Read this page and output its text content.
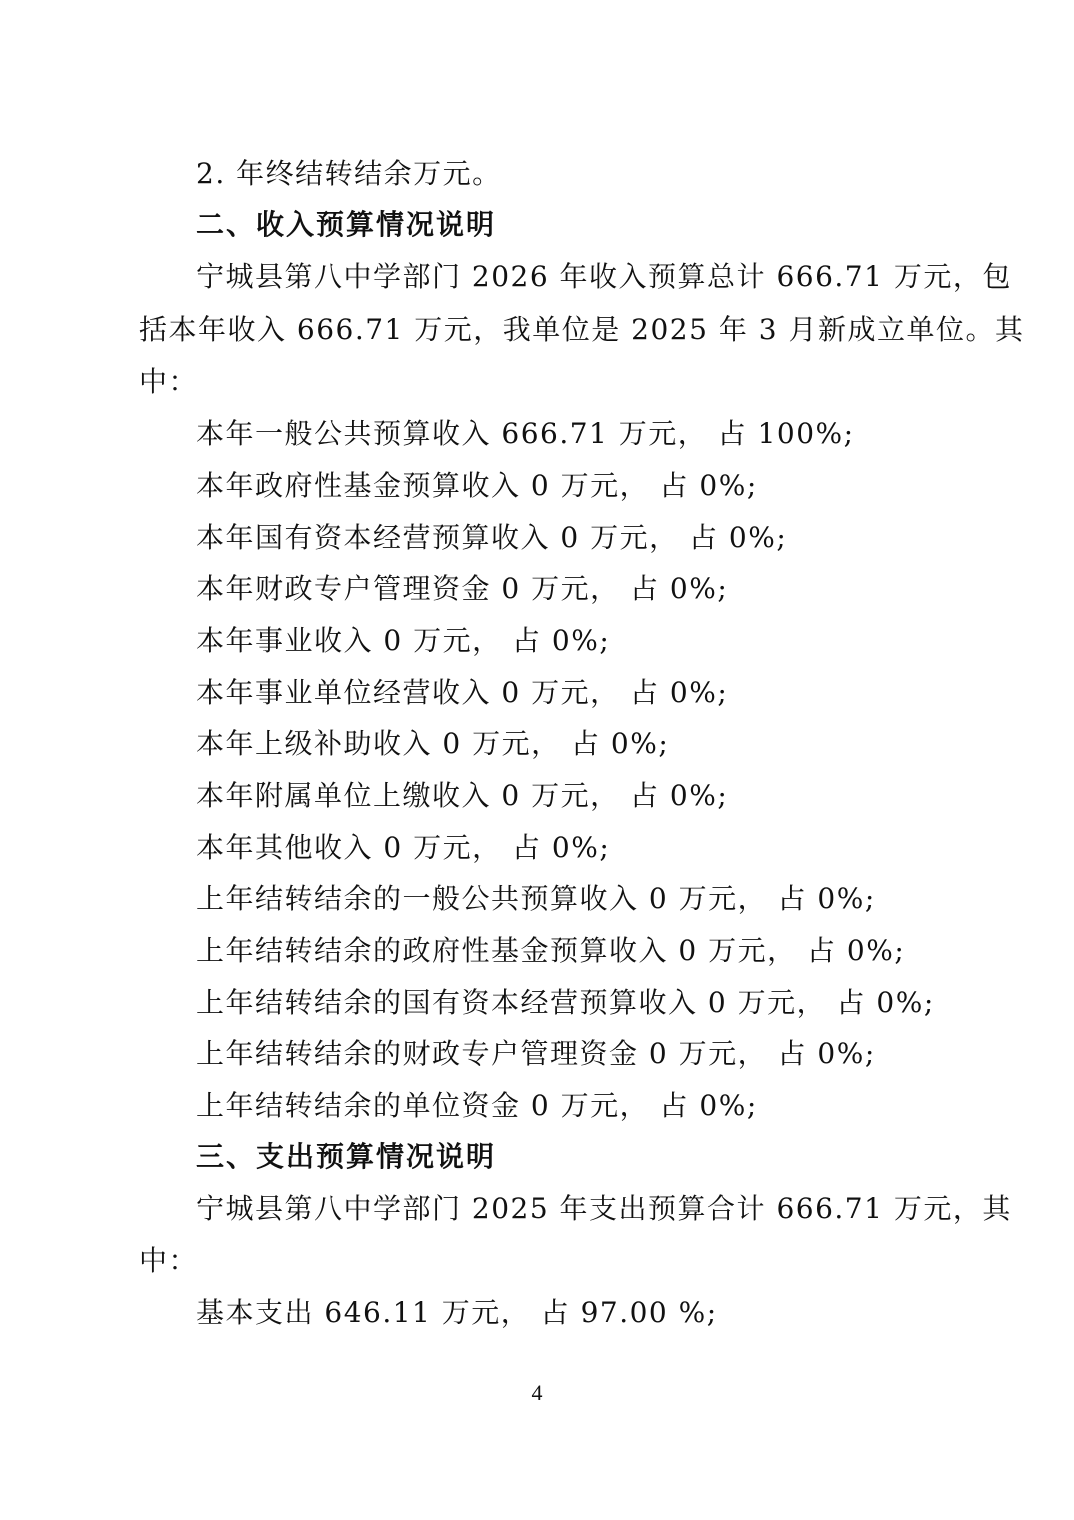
2. 年终结转结余万元。
二、收入预算情况说明
宁城县第八中学部门 2026 年收入预算总计 666.71 万元，包
括本年收入 666.71 万元，我单位是 2025 年 3 月新成立单位。其
中：
本年一般公共预算收入 666.71 万元， 占 100%;
本年政府性基金预算收入 0 万元， 占 0%;
本年国有资本经营预算收入 0 万元， 占 0%;
本年财政专户管理资金 0 万元， 占 0%;
本年事业收入 0 万元， 占 0%;
本年事业单位经营收入 0 万元， 占 0%;
本年上级补助收入 0 万元， 占 0%;
本年附属单位上缴收入 0 万元， 占 0%;
本年其他收入 0 万元， 占 0%;
上年结转结余的一般公共预算收入 0 万元， 占 0%;
上年结转结余的政府性基金预算收入 0 万元， 占 0%;
上年结转结余的国有资本经营预算收入 0 万元， 占 0%;
上年结转结余的财政专户管理资金 0 万元， 占 0%;
上年结转结余的单位资金 0 万元， 占 0%;
三、支出预算情况说明
宁城县第八中学部门 2025 年支出预算合计 666.71 万元，其
中：
基本支出 646.11 万元， 占 97.00 %;
4
